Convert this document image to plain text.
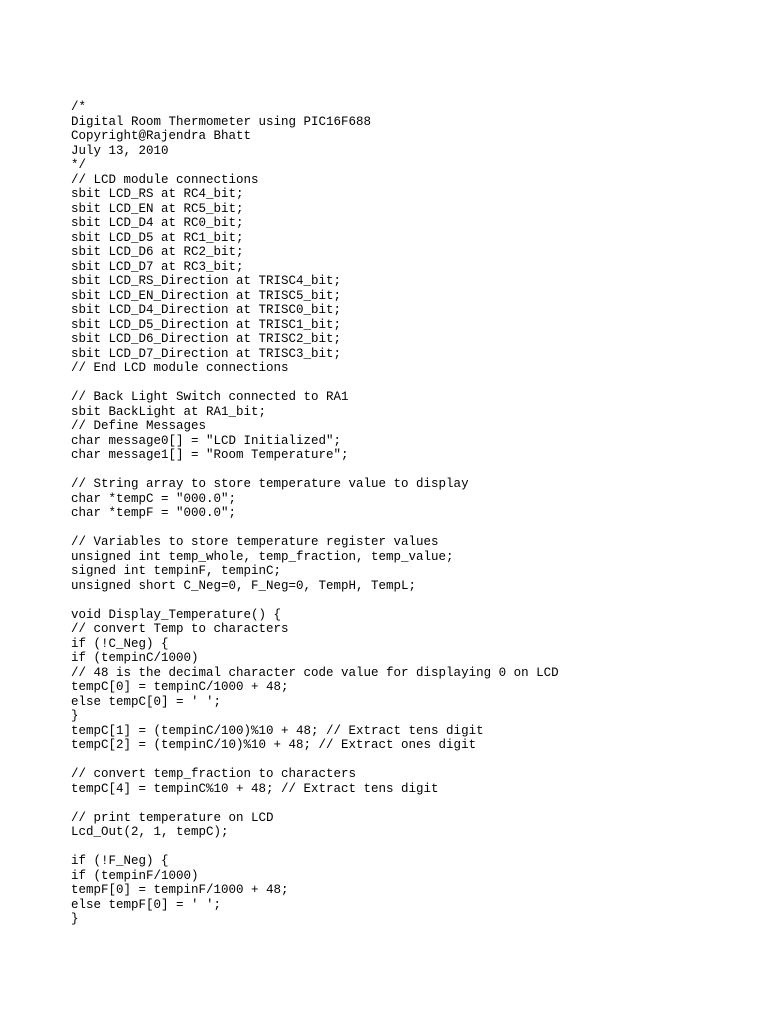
/*
Digital Room Thermometer using PIC16F688
Copyright@Rajendra Bhatt
July 13, 2010
*/
// LCD module connections
sbit LCD_RS at RC4_bit;
sbit LCD_EN at RC5_bit;
sbit LCD_D4 at RC0_bit;
sbit LCD_D5 at RC1_bit;
sbit LCD_D6 at RC2_bit;
sbit LCD_D7 at RC3_bit;
sbit LCD_RS_Direction at TRISC4_bit;
sbit LCD_EN_Direction at TRISC5_bit;
sbit LCD_D4_Direction at TRISC0_bit;
sbit LCD_D5_Direction at TRISC1_bit;
sbit LCD_D6_Direction at TRISC2_bit;
sbit LCD_D7_Direction at TRISC3_bit;
// End LCD module connections
// Back Light Switch connected to RA1
sbit BackLight at RA1_bit;
// Define Messages
char message0[] = "LCD Initialized";
char message1[] = "Room Temperature";
// String array to store temperature value to display
char *tempC = "000.0";
char *tempF = "000.0";
// Variables to store temperature register values
unsigned int temp_whole, temp_fraction, temp_value;
signed int tempinF, tempinC;
unsigned short C_Neg=0, F_Neg=0, TempH, TempL;
void Display_Temperature() {
// convert Temp to characters
if (!C_Neg) {
if (tempinC/1000)
// 48 is the decimal character code value for displaying 0 on LCD
tempC[0] = tempinC/1000 + 48;
else tempC[0] = ' ';
}
tempC[1] = (tempinC/100)%10 + 48; // Extract tens digit
tempC[2] = (tempinC/10)%10 + 48; // Extract ones digit
// convert temp_fraction to characters
tempC[4] = tempinC%10 + 48; // Extract tens digit
// print temperature on LCD
Lcd_Out(2, 1, tempC);
if (!F_Neg) {
if (tempinF/1000)
tempF[0] = tempinF/1000 + 48;
else tempF[0] = ' ';
}
